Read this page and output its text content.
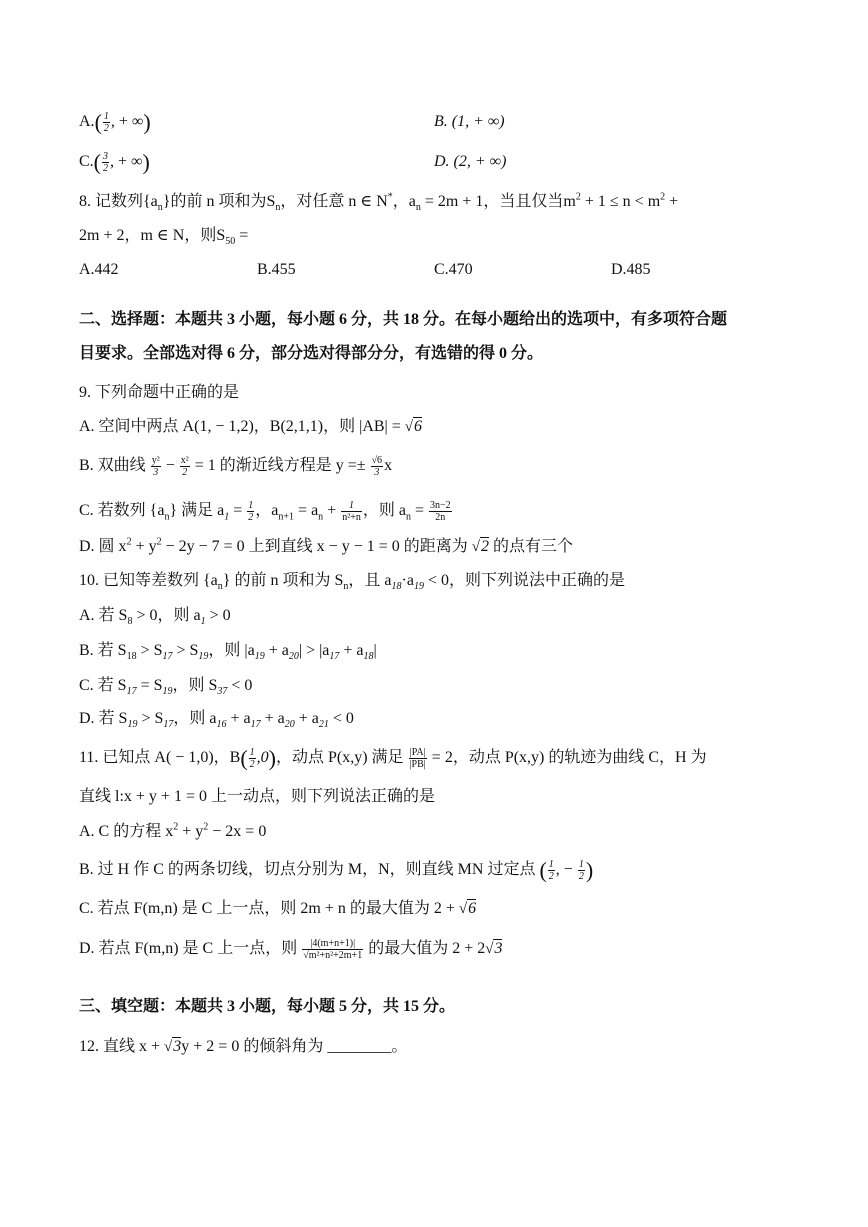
$A.( \frac{1}{2}$ , + ∞)	B. (1, + ∞)
$C.( \frac{3}{2}$ , + ∞)	D. (2, + ∞)
8. 记数列$\{a_n\}$的前 n 项和为$S_n$，对任意 n ∈ N*，$a_n = 2m + 1$，当且仅当$m^2 + 1 \le n < m^2$ +
2m + 2，m ∈ N，则$S_{50}$ =
A.442	B.455	C.470	D.485
二、选择题：本题共 3 小题，每小题 6 分，共 18 分。在每小题给出的选项中，有多项符合题
目要求。全部选对得 6 分，部分选对得部分分，有选错的得 0 分。
9. 下列命题中正确的是
A. 空间中两点 A(1, − 1,2)，B(2,1,1)，则 |AB| = √6
B. 双曲线 $\frac{\text{y²}}{3} - \frac{\text{x²}}{2} = 1$ 的渐近线方程是 $y =\pm \frac{√6}{3}$ x
C. 若数列 $\{a_n\}$ 满足 $a_1 = \frac{1}{2}$ ，$a_{n+1} = a_n + \frac{1}{\text{n²+n}}$ ，则 $a_n = \frac{3n-2}{2n}$
D. 圆 $x^2 + y^2 - 2y - 7 = 0$ 上到直线 x − y − 1 = 0 的距离为 √2 的点有三个
10. 已知等差数列 $\{a_n\}$ 的前 n 项和为 $S_n$，且 $a_{18}\cdot a_{19} < 0$，则下列说法中正确的是
A. 若 $S_8 > 0$，则 $a_1 > 0$
B. 若 $S_{18} > S_{17} > S_{19}$，则 $|a_{19} + a_{20}| > |a_{17} + a_{18}|$
C. 若 $S_{17} = S_{19}$，则 $S_{37} < 0$
D. 若 $S_{19} > S_{17}$，则 $a_{16} + a_{17} + a_{20} + a_{21} < 0$
11. 已知点 A( − 1,0)，$B( \frac{1}{2} ,0)$，动点 P(x,y) 满足 $\frac{|PA|}{|PB|} = 2$，动点 P(x,y) 的轨迹为曲线 C，H 为
直线 l:x + y + 1 = 0 上一动点，则下列说法正确的是
A. C 的方程 $x^2 + y^2 - 2x = 0$
B. 过 H 作 C 的两条切线，切点分别为 M，N，则直线 MN 过定点 ( $\frac{1}{2}$ , − $\frac{1}{2}$ )
C. 若点 F(m,n) 是 C 上一点，则 2m + n 的最大值为 2 + √6
D. 若点 F(m,n) 是 C 上一点，则 $\frac{|4(m+n+1)|}{\text{√m²+n²+2m+1}}$ 的最大值为 2 + 2√3
三、填空题：本题共 3 小题，每小题 5 分，共 15 分。
12. 直线 x + √3y + 2 = 0 的倾斜角为 ________。
